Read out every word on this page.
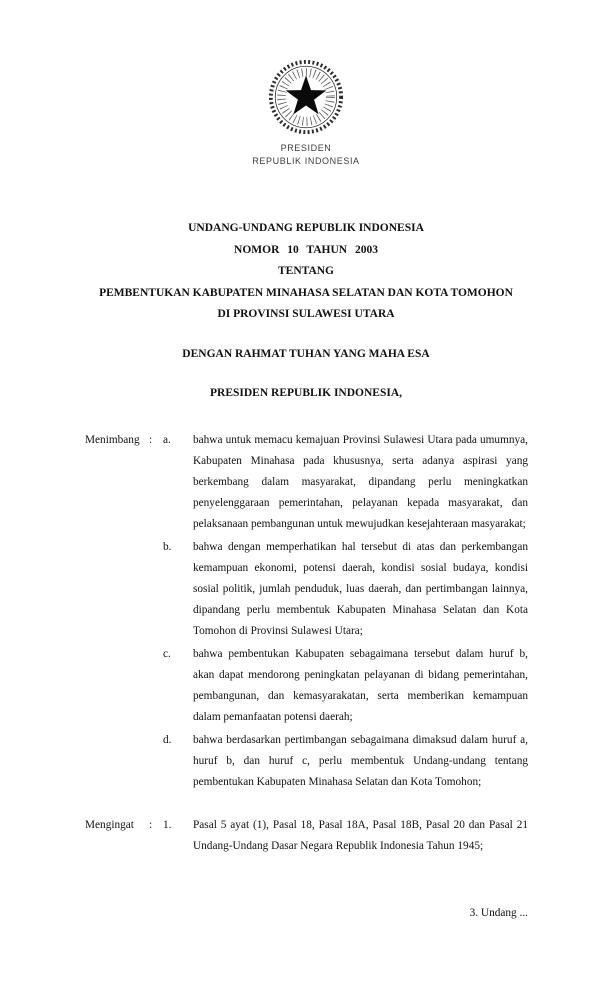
PRESIDEN
REPUBLIK INDONESIA
UNDANG-UNDANG REPUBLIK INDONESIA
NOMOR 10 TAHUN 2003
TENTANG
PEMBENTUKAN KABUPATEN MINAHASA SELATAN DAN KOTA TOMOHON
DI PROVINSI SULAWESI UTARA
DENGAN RAHMAT TUHAN YANG MAHA ESA
PRESIDEN REPUBLIK INDONESIA,
Menimbang : a.	bahwa untuk memacu kemajuan Provinsi Sulawesi Utara pada umumnya, Kabupaten Minahasa pada khususnya, serta adanya aspirasi yang berkembang dalam masyarakat, dipandang perlu meningkatkan penyelenggaraan pemerintahan, pelayanan kepada masyarakat, dan pelaksanaan pembangunan untuk mewujudkan kesejahteraan masyarakat;
b.	bahwa dengan memperhatikan hal tersebut di atas dan perkembangan kemampuan ekonomi, potensi daerah, kondisi sosial budaya, kondisi sosial politik, jumlah penduduk, luas daerah, dan pertimbangan lainnya, dipandang perlu membentuk Kabupaten Minahasa Selatan dan Kota Tomohon di Provinsi Sulawesi Utara;
c.	bahwa pembentukan Kabupaten sebagaimana tersebut dalam huruf b, akan dapat mendorong peningkatan pelayanan di bidang pemerintahan, pembangunan, dan kemasyarakatan, serta memberikan kemampuan dalam pemanfaatan potensi daerah;
d.	bahwa berdasarkan pertimbangan sebagaimana dimaksud dalam huruf a, huruf b, dan huruf c, perlu membentuk Undang-undang tentang pembentukan Kabupaten Minahasa Selatan dan Kota Tomohon;
Mengingat	: 1.	Pasal 5 ayat (1), Pasal 18, Pasal 18A, Pasal 18B, Pasal 20 dan Pasal 21 Undang-Undang Dasar Negara Republik Indonesia Tahun 1945;
3. Undang ...
